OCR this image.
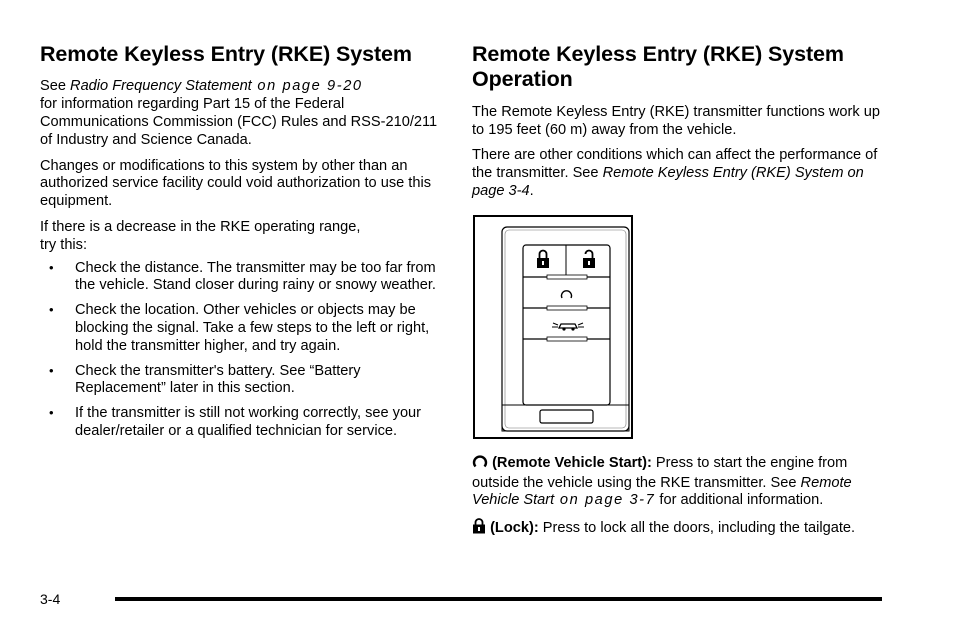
Remote Keyless Entry (RKE) System

See Radio Frequency Statement on page 9-20
for information regarding Part 15 of the Federal Communications Commission (FCC) Rules and RSS-210/211 of Industry and Science Canada.

Changes or modifications to this system by other than an authorized service facility could void authorization to use this equipment.

If there is a decrease in the RKE operating range,
try this:

• Check the distance. The transmitter may be too far from the vehicle. Stand closer during rainy or snowy weather.
• Check the location. Other vehicles or objects may be blocking the signal. Take a few steps to the left or right, hold the transmitter higher, and try again.
• Check the transmitter's battery. See “Battery Replacement” later in this section.
• If the transmitter is still not working correctly, see your dealer/retailer or a qualified technician for service.
Remote Keyless Entry (RKE) System Operation

The Remote Keyless Entry (RKE) transmitter functions work up to 195 feet (60 m) away from the vehicle.

There are other conditions which can affect the performance of the transmitter. See Remote Keyless Entry (RKE) System on page 3-4.

(Remote Vehicle Start): Press to start the engine from outside the vehicle using the RKE transmitter. See Remote Vehicle Start on page 3-7 for additional information.

(Lock): Press to lock all the doors, including the tailgate.

3-4
